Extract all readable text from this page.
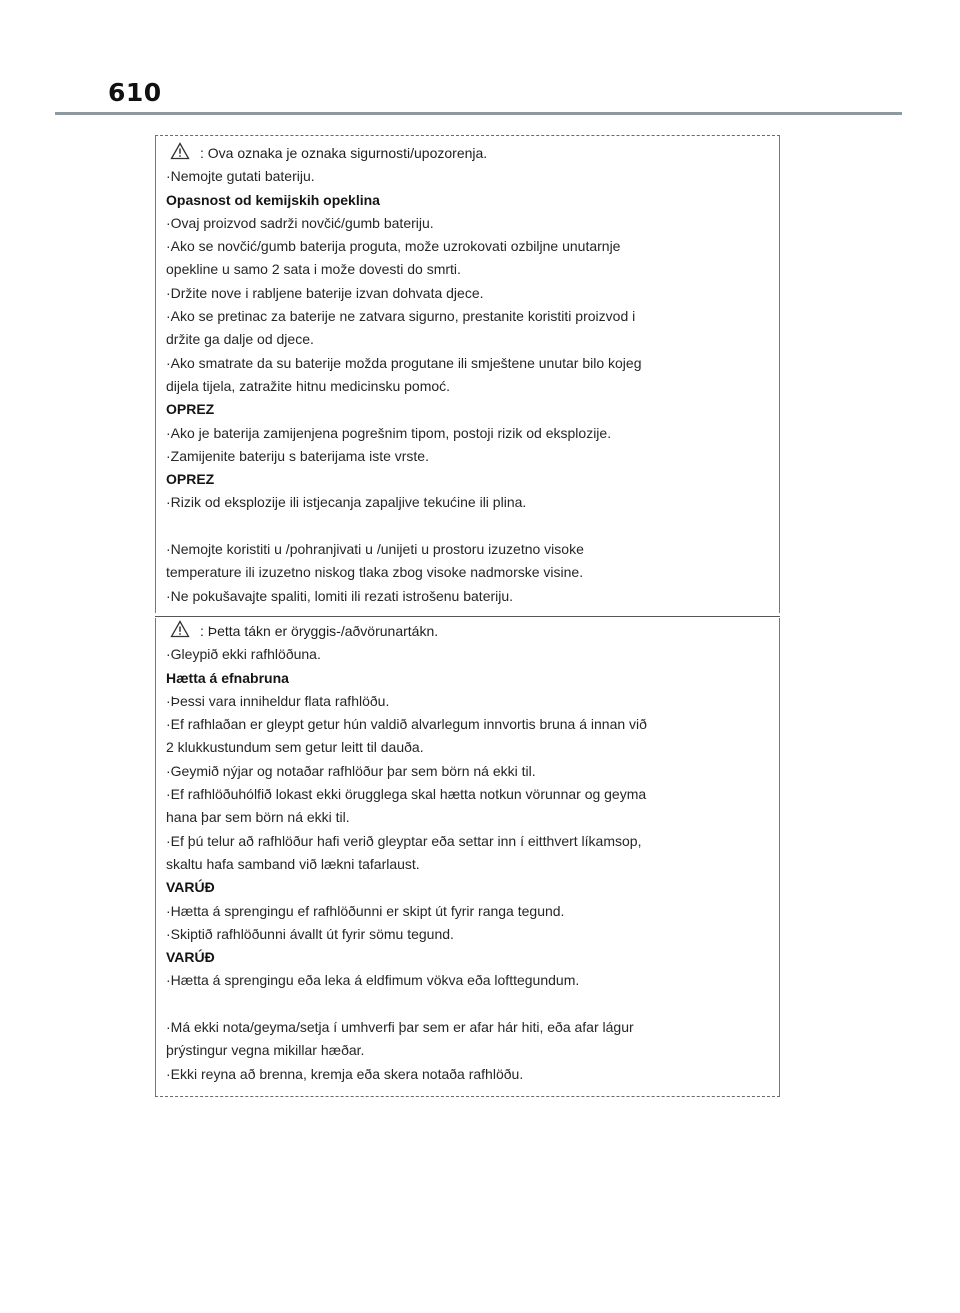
610
: Ova oznaka je oznaka sigurnosti/upozorenja.
·Nemojte gutati bateriju.
Opasnost od kemijskih opeklina
·Ovaj proizvod sadrži novčić/gumb bateriju.
·Ako se novčić/gumb baterija proguta, može uzrokovati ozbiljne unutarnje
opekline u samo 2 sata i može dovesti do smrti.
·Držite nove i rabljene baterije izvan dohvata djece.
·Ako se pretinac za baterije ne zatvara sigurno, prestanite koristiti proizvod i
držite ga dalje od djece.
·Ako smatrate da su baterije možda progutane ili smještene unutar bilo kojeg
dijela tijela, zatražite hitnu medicinsku pomoć.
OPREZ
·Ako je baterija zamijenjena pogrešnim tipom, postoji rizik od eksplozije.
·Zamijenite bateriju s baterijama iste vrste.
OPREZ
·Rizik od eksplozije ili istjecanja zapaljive tekućine ili plina.
·Nemojte koristiti u /pohranjivati u /unijeti u prostoru izuzetno visoke
temperature ili izuzetno niskog tlaka zbog visoke nadmorske visine.
·Ne pokušavajte spaliti, lomiti ili rezati istrošenu bateriju.
: Þetta tákn er öryggis-/aðvörunartákn.
·Gleypið ekki rafhlöðuna.
Hætta á efnabruna
·Þessi vara inniheldur flata rafhlöðu.
·Ef rafhlaðan er gleypt getur hún valdið alvarlegum innvortis bruna á innan við
2 klukkustundum sem getur leitt til dauða.
·Geymið nýjar og notaðar rafhlöður þar sem börn ná ekki til.
·Ef rafhlöðuhólfið lokast ekki örugglega skal hætta notkun vörunnar og geyma
hana þar sem börn ná ekki til.
·Ef þú telur að rafhlöður hafi verið gleyptar eða settar inn í eitthvert líkamsop,
skaltu hafa samband við lækni tafarlaust.
VARÚÐ
·Hætta á sprengingu ef rafhlöðunni er skipt út fyrir ranga tegund.
·Skiptið rafhlöðunni ávallt út fyrir sömu tegund.
VARÚÐ
·Hætta á sprengingu eða leka á eldfimum vökva eða lofttegundum.
·Má ekki nota/geyma/setja í umhverfi þar sem er afar hár hiti, eða afar lágur
þrýstingur vegna mikillar hæðar.
·Ekki reyna að brenna, kremja eða skera notaða rafhlöðu.
